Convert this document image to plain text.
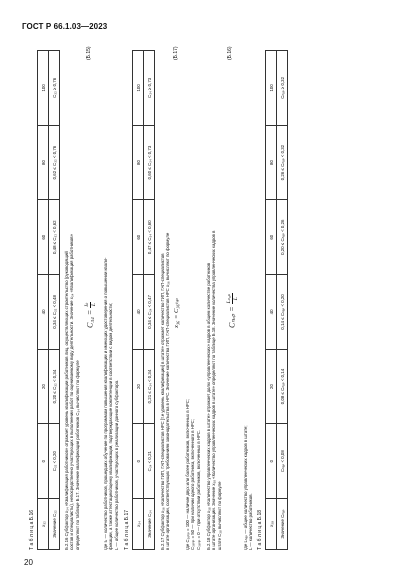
ГОСТ Р 66.1.03—2023
20
Т а б л и ц а Б.16 x₃₂	0	20	40	60	80	100
Значение C₃₂	C₃₂ < 0,20	0,20 ≤ C₃₂ < 0,34	0,34 ≤ C₃₂ < 0,48	0,48 ≤ C₃₂ < 0,62	0,62 ≤ C₃₂ < 0,76	C₃₂ ≥ 0,76
Б.2.16 Субфактор x₃₄ «Квалификация работников» отражает уровень квалификации работников лиц, осуществляющих строительство (руководящий
состав и специалисты), непосредственно участвующих в выполнении работ по оцениваемому виду деятельности. Значение x₃₄ «Квалификация работников»
определяют по таблице Б.17. Значение квалификации работников C₃₄ вычисляют по формуле
C₃₄ =
Iₖ L
(Б.15)
где Iₖ — количество работников, прошедших обучение по программам повышения квалификации и имеющих удостоверения о повышении квали-
фикации, а также аттестацию/оценку квалификации, подтверждающие компетенции в соответствии с видом деятельности;
L — общее количество работников, участвующих в реализации данного субфактора.
Т а б л и ц а Б.17 x₃₄	0	20	40	60	80	100
Значение C₃₄	C₃₄ < 0,21	0,21 ≤ C₃₄ < 0,34	0,34 ≤ C₃₄ < 0,47	0,47 ≤ C₃₄ < 0,60	0,60 ≤ C₃₄ < 0,73	C₃₄ ≥ 0,73
Б.2.17 Субфактор x₃₆ «Количество ГИП, ГАП-специалистов НРС [т.е уровень квалификации] в штате» отражает количество ГИП, ГАП-специалистов
в штате организации, соответствующих требованиям законодательства в НРС. Значение количества ГИП, ГАП-специалистов НРС x₃₆ вычисляют по формуле
x₃₆ = C₃₆ₜᵢₚ
(Б.17)
где C₃₆ₜᵢₚ = 100 — наличие двух или более работников, включенных в НРС;
C₃₆ₜᵢₚ = 50 — при наличии одного работника, включенного в НРС;
C₃₆ₜᵢₚ = 0 — при отсутствии работников, включенных в НРС.
Б.2.18 Субфактор x₃₈ «Количество управленческих кадров в штате» отражает долю «управленческих» кадров в общем количестве работников
в штате организации. Значение x₃₈ «Количество управленческих кадров в штате» определяют по таблице Б.18. Значение количества управленческих кадров в
штате C₃₈ вычисляют по формуле
Cₙₐₚ =
Lₙₐₚ L
(Б.16)
где Lₙₐₚ — общее количество управленческих кадров в штате;
L — количество работников.
Т а б л и ц а Б.18 x₃₈	0	20	40	60	80	100
Значение Cₙₐₚ	Cₙₐₚ < 0,08	0,08 ≤ Cₙₐₚ < 0,14	0,14 ≤ Cₙₐₚ < 0,20	0,20 ≤ Cₙₐₚ < 0,26	0,26 ≤ Cₙₐₚ < 0,32	Cₙₐₚ ≥ 0,32
